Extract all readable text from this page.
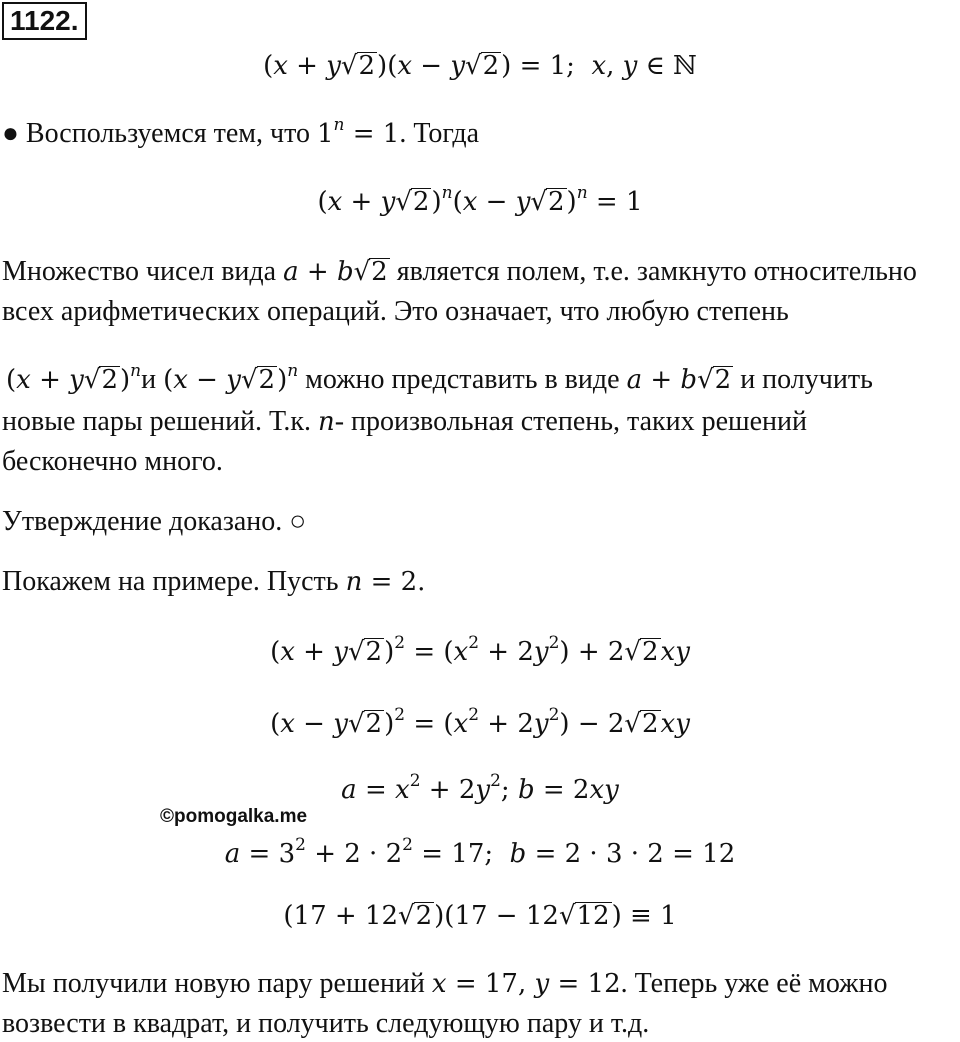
1122.
(x + y√2)(x − y√2) = 1;  x, y ∈ ℕ
● Воспользуемся тем, что $1^n = 1$. Тогда
$(x + y√2)^n(x - y√2)^n = 1$
Множество чисел вида a + b√2 является полем, т.е. замкнуто относительно
всех арифметических операций. Это означает, что любую степень
$(x + y√2)^nи$ $(x - y√2)^n$ можно представить в виде a + b√2 и получить
новые пары решений. Т.к. n- произвольная степень, таких решений
бесконечно много.
Утверждение доказано. ○
Покажем на примере. Пусть n = 2.
$(x + y√2)^2 = (x^2 + 2y^2) + 2√2xy$
$(x - y√2)^2 = (x^2 + 2y^2) - 2√2xy$
$a = x^2 + 2y^2$; b = 2xy
©pomogalka.me
$a = 3^2 + 2 \cdot 2^2 = 17$;  b = 2 · 3 · 2 = 12
(17 + 12√2)(17 − 12√12) ≡ 1
Мы получили новую пару решений x = 17, y = 12. Теперь уже её можно
возвести в квадрат, и получить следующую пару и т.д.
